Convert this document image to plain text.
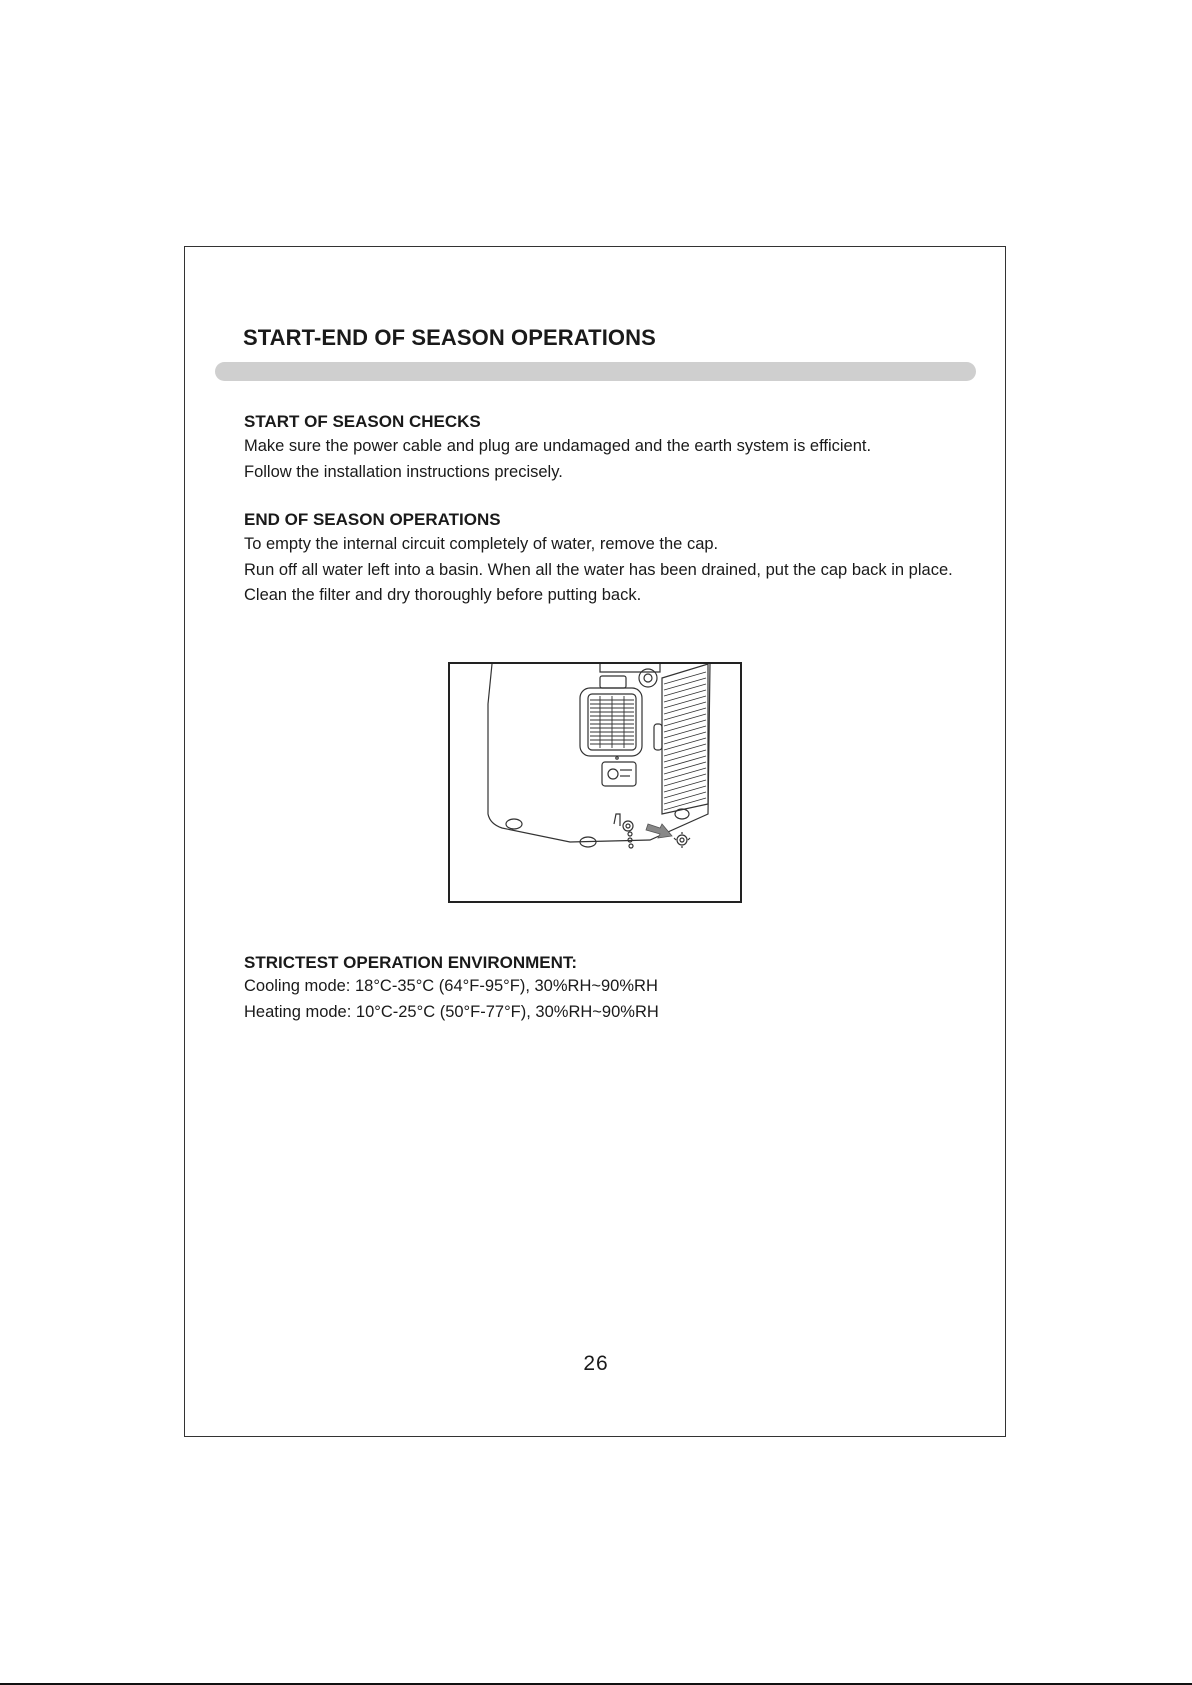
START-END OF SEASON OPERATIONS
START OF SEASON CHECKS

Make sure the power cable and plug are undamaged and the earth system is efficient.

Follow the installation instructions precisely.

END OF SEASON OPERATIONS

To empty the internal circuit completely of water, remove the cap.

Run off all water left into a basin. When all the water has been drained, put the cap back in place.

Clean the filter and dry thoroughly before putting back.

STRICTEST OPERATION ENVIRONMENT:

Cooling mode: 18°C-35°C (64°F-95°F), 30%RH~90%RH

Heating mode: 10°C-25°C (50°F-77°F), 30%RH~90%RH

26
